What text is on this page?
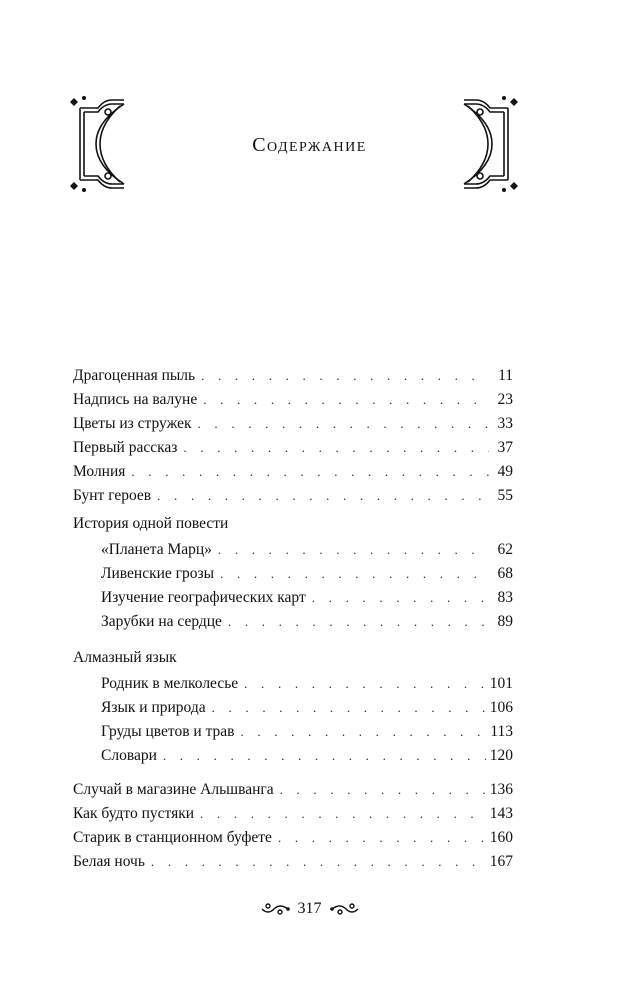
Содержание
Драгоценная пыль . . .	11
Надпись на валуне . . .	23
Цветы из стружек . . .	33
Первый рассказ . . .	37
Молния . . .	49
Бунт героев . . .	55
История одной повести
«Планета Марц» . . .	62
Ливенские грозы . . .	68
Изучение географических карт . . .	83
Зарубки на сердце . . .	89
Алмазный язык
Родник в мелколесье . . .	101
Язык и природа . . .	106
Груды цветов и трав . . .	113
Словари . . .	120
Случай в магазине Альшванга . . .	136
Как будто пустяки . . .	143
Старик в станционном буфете . . .	160
Белая ночь . . .	167
317
